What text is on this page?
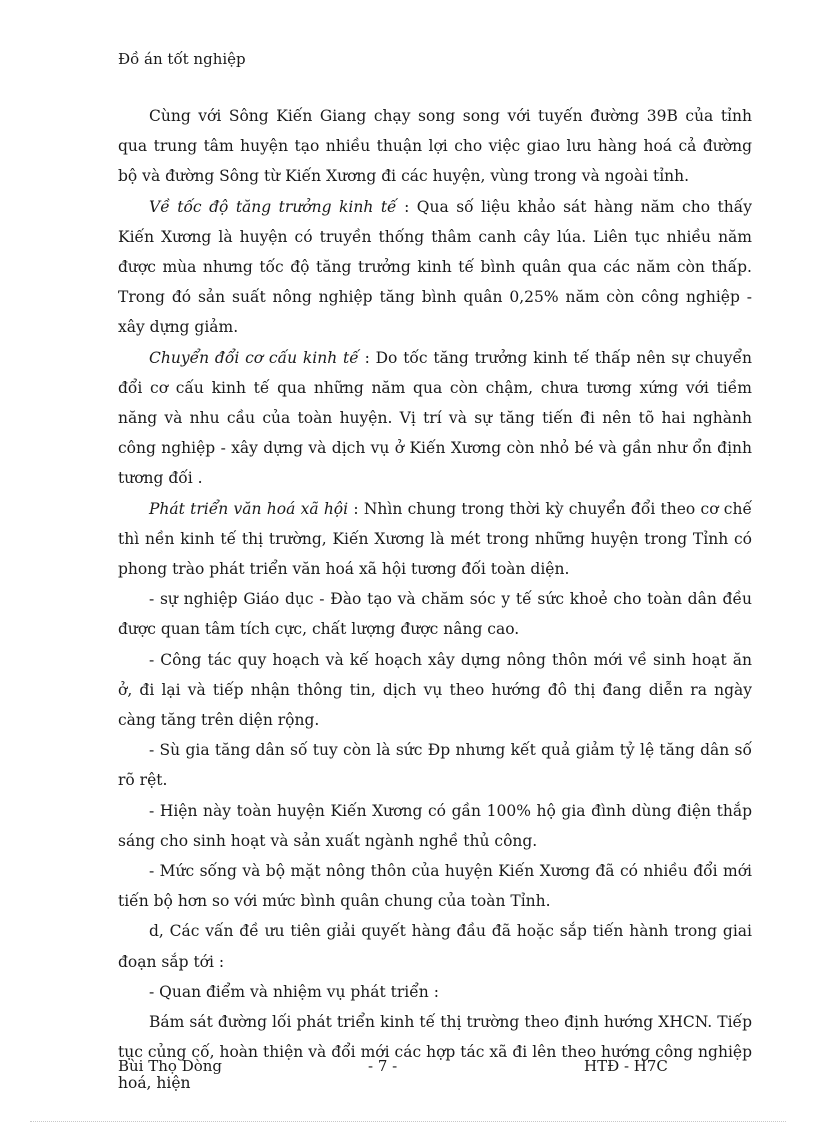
Đồ án tốt nghiệp

Cùng với Sông Kiến Giang chạy song song với tuyến đường 39B của tỉnh qua trung tâm huyện tạo nhiều thuận lợi cho việc giao lưu hàng hoá cả đường bộ và đường Sông từ Kiến Xương đi các huyện, vùng trong và ngoài tỉnh.

Về tốc độ tăng trưởng kinh tế : Qua số liệu khảo sát hàng năm cho thấy Kiến Xương là huyện có truyền thống thâm canh cây lúa. Liên tục nhiều năm được mùa nhưng tốc độ tăng trưởng kinh tế bình quân qua các năm còn thấp. Trong đó sản suất nông nghiệp tăng bình quân 0,25% năm còn công nghiệp - xây dựng giảm.

Chuyển đổi cơ cấu kinh tế : Do tốc tăng trưởng kinh tế thấp nên sự chuyển đổi cơ cấu kinh tế qua những năm qua còn chậm, chưa tương xứng với tiềm năng và nhu cầu của toàn huyện. Vị trí và sự tăng tiến đi nên tõ hai nghành công nghiệp - xây dựng và dịch vụ ở Kiến Xương còn nhỏ bé và gần như ổn định tương đối .

Phát triển văn hoá xã hội : Nhìn chung trong thời kỳ chuyển đổi theo cơ chế thì nền kinh tế thị trường, Kiến Xương là mét trong những huyện trong Tỉnh có phong trào phát triển văn hoá xã hội tương đối toàn diện.

- sự nghiệp Giáo dục - Đào tạo và chăm sóc y tế sức khoẻ cho toàn dân đều được quan tâm tích cực, chất lượng được nâng cao.

- Công tác quy hoạch và kế hoạch xây dựng nông thôn mới về sinh hoạt ăn ở, đi lại và tiếp nhận thông tin, dịch vụ theo hướng đô thị đang diễn ra ngày càng tăng trên diện rộng.

- Sù gia tăng dân số tuy còn là sức Đp nhưng kết quả giảm tỷ lệ tăng dân số rõ rệt.

- Hiện này toàn huyện Kiến Xương có gần 100% hộ gia đình dùng điện thắp sáng cho sinh hoạt và sản xuất ngành nghề thủ công.

- Mức sống và bộ mặt nông thôn của huyện Kiến Xương đã có nhiều đổi mới tiến bộ hơn so với mức bình quân chung của toàn Tỉnh.

d, Các vấn đề ưu tiên giải quyết hàng đầu đã hoặc sắp tiến hành trong giai đoạn sắp tới :

- Quan điểm và nhiệm vụ phát triển :

Bám sát đường lối phát triển kinh tế thị trường theo định hướng XHCN. Tiếp tục củng cố, hoàn thiện và đổi mới các hợp tác xã đi lên theo hướng công nghiệp hoá, hiện

Bùi Thọ Dòng	- 7 -	HTĐ - H7C
